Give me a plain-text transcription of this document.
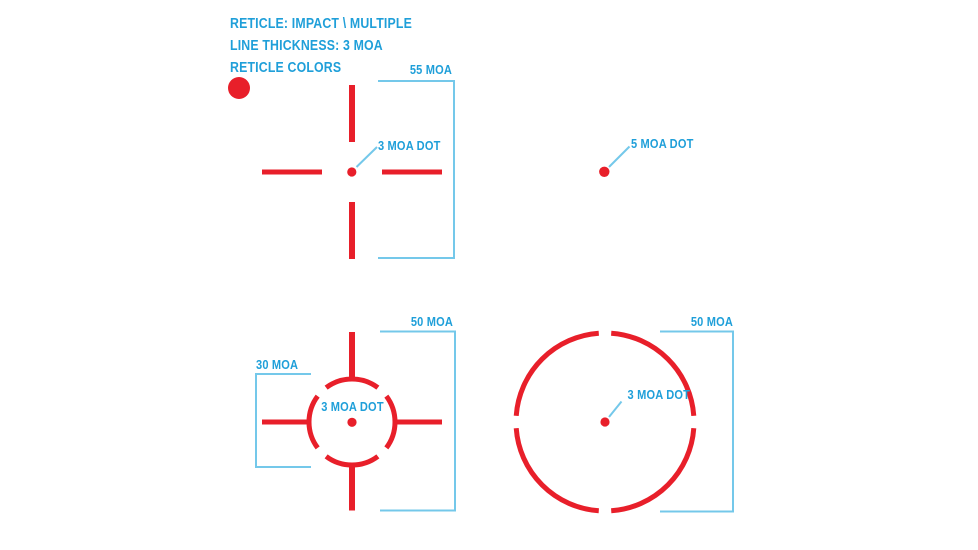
RETICLE: IMPACT \ MULTIPLE
LINE THICKNESS: 3 MOA
RETICLE COLORS	55 MOA
3 MOA DOT	5 MOA DOT
30 MOA
50 MOA
3 MOA DOT
3 MOA DOT
50 MOA
